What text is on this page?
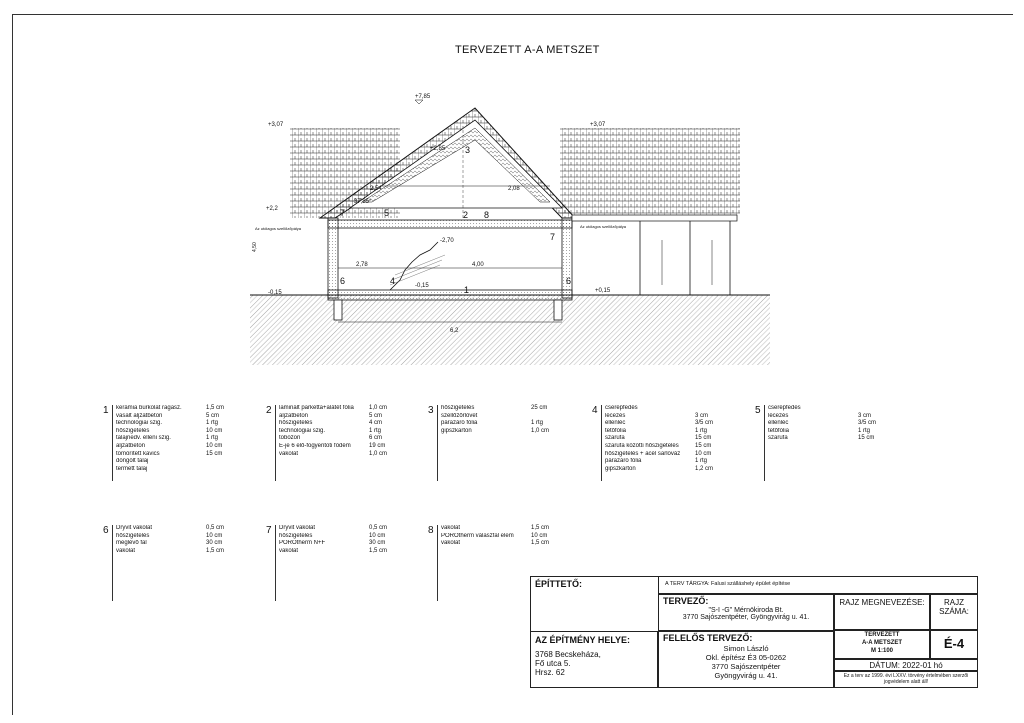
TERVEZETT A-A METSZET
+7,85
+3,07	+3,07
+2,85
-0,15	+0,15
+2,2
-2,70
-0,15
3
5	2 8
7
7
6	6
1
4
37,85°
2,54	2,08
2,78	4,00
Az utólagos szellőzőpálya	Az utólagos szellőzőpálya
6,2
4,50
1 kerámia burkolat ragasz.	1,5 cm
vasalt aljzatbeton	5 cm
technológiai szig.	1 rtg
hőszigetelés	10 cm
talajnedv. elleni szig.	1 rtg
aljzatbeton	10 cm
tömörített kavics	15 cm
döngölt talaj
termett talaj
2 laminált parketta+alátét fólia	1,0 cm
aljzatbeton	5 cm
hőszigetelés	4 cm
technológiai szig.	1 rtg
tobozon	6 cm
E-je 6 elő-fogyentoti födém	19 cm
vakolat	1,0 cm
3 hőszigetelés	25 cm
szellőzőrlövet
párazáró fólia	1 rtg
gipszkarton	1,0 cm
4 cserépfedés
lécezés	3 cm
ellenléc	3/5 cm
tetőfólia	1 rtg
szarufa	15 cm
szarufa közötti hőszigetelés	15 cm
hőszigetelés + acél sarlóváz	10 cm
párazáró fólia	1 rtg
gipszkarton	1,2 cm
5 cserépfedés
lécezés	3 cm
ellenléc	3/5 cm
tetőfólia	1 rtg
szarufa	15 cm
6 Dryvit vakolat	0,5 cm
hőszigetelés	10 cm
meglévő fal	30 cm
vakolat	1,5 cm
7 Dryvit vakolat	0,5 cm
hőszigetelés	10 cm
POROtherm N+F	30 cm
vakolat	1,5 cm
8 vakolat	1,5 cm
POROtherm válaszfal elem	10 cm
vakolat	1,5 cm
ÉPÍTTETŐ:	A TERV TÁRGYA: Falusi szálláshely épület építése
TERVEZŐ:
"S-I -G" Mérnökiroda Bt.
3770 Sajószentpéter, Gyöngyvirág u. 41.
RAJZ MEGNEVEZÉSE:	RAJZ SZÁMA:
TERVEZETT
A-A METSZET
M 1:100	É-4
AZ ÉPÍTMÉNY HELYE:
3768 Becskeháza,
Fő utca 5.
Hrsz. 62
FELELŐS TERVEZŐ:
Simon László
Okl. építész É3 05-0262
3770 Sajószentpéter
Gyöngyvirág u. 41.
DÁTUM: 2022-01 hó
Ez a terv az 1999. évi LXXV. törvény értelmében szerzői jogvédelem alatt áll!
